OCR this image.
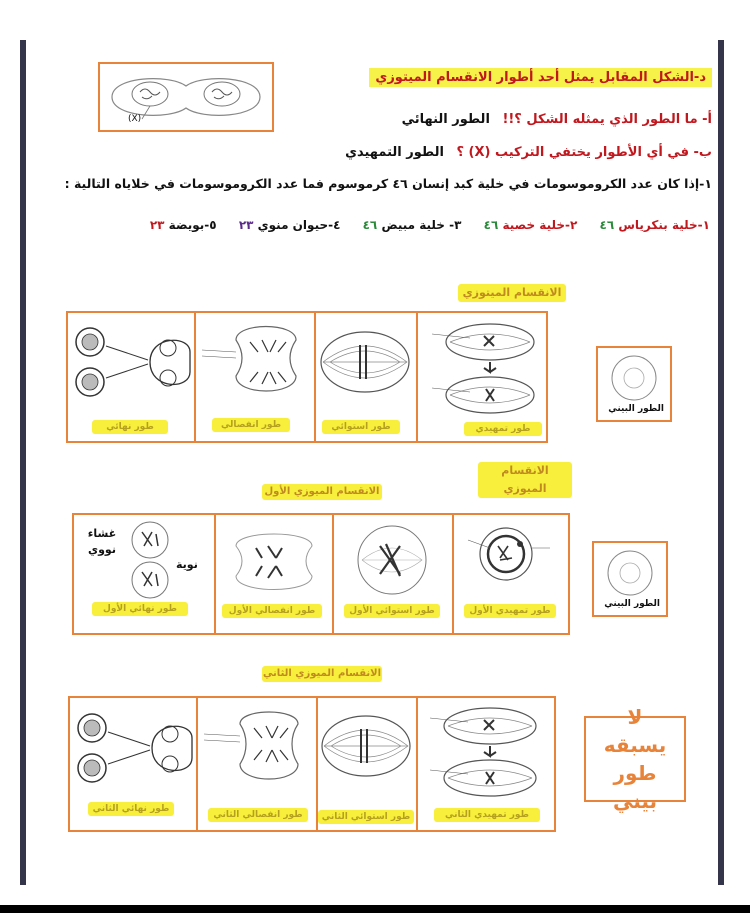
(X)
د-الشكل المقابل يمثل أحد أطوار الانقسام الميتوزي
أ- ما الطور الذي يمثله الشكل ؟!! الطور النهائي
ب- في أي الأطوار يختفي التركيب (X) ؟ الطور التمهيدي
١-إذا كان عدد الكروموسومات في خلية كبد إنسان ٤٦ كرموسوم فما عدد الكروموسومات في خلاياه التالية :
١-خلية بنكرياس ٤٦ ٢-خلية خصية ٤٦ ٣- خلية مبيض ٤٦ ٤-حيوان منوي ٢٣ ٥-بويضة ٢٣
الانقسام الميتوزي
طور نهائي	طور انفصالي	طور استوائي	طور تمهيدي
الطور البيني
الانقسام الميوزي
الانقسام الميوزي الأول
غشاء نووي
نوية
طور نهائي الأول	طور انفصالي الأول	طور استوائي الأول	طور تمهيدي الأول
الطور البيني
الانقسام الميوزي الثاني
طور نهائي الثاني
طور انفصالي الثاني	طور استوائي الثاني	طور تمهيدي الثاني
لا يسبقه طور بيني
